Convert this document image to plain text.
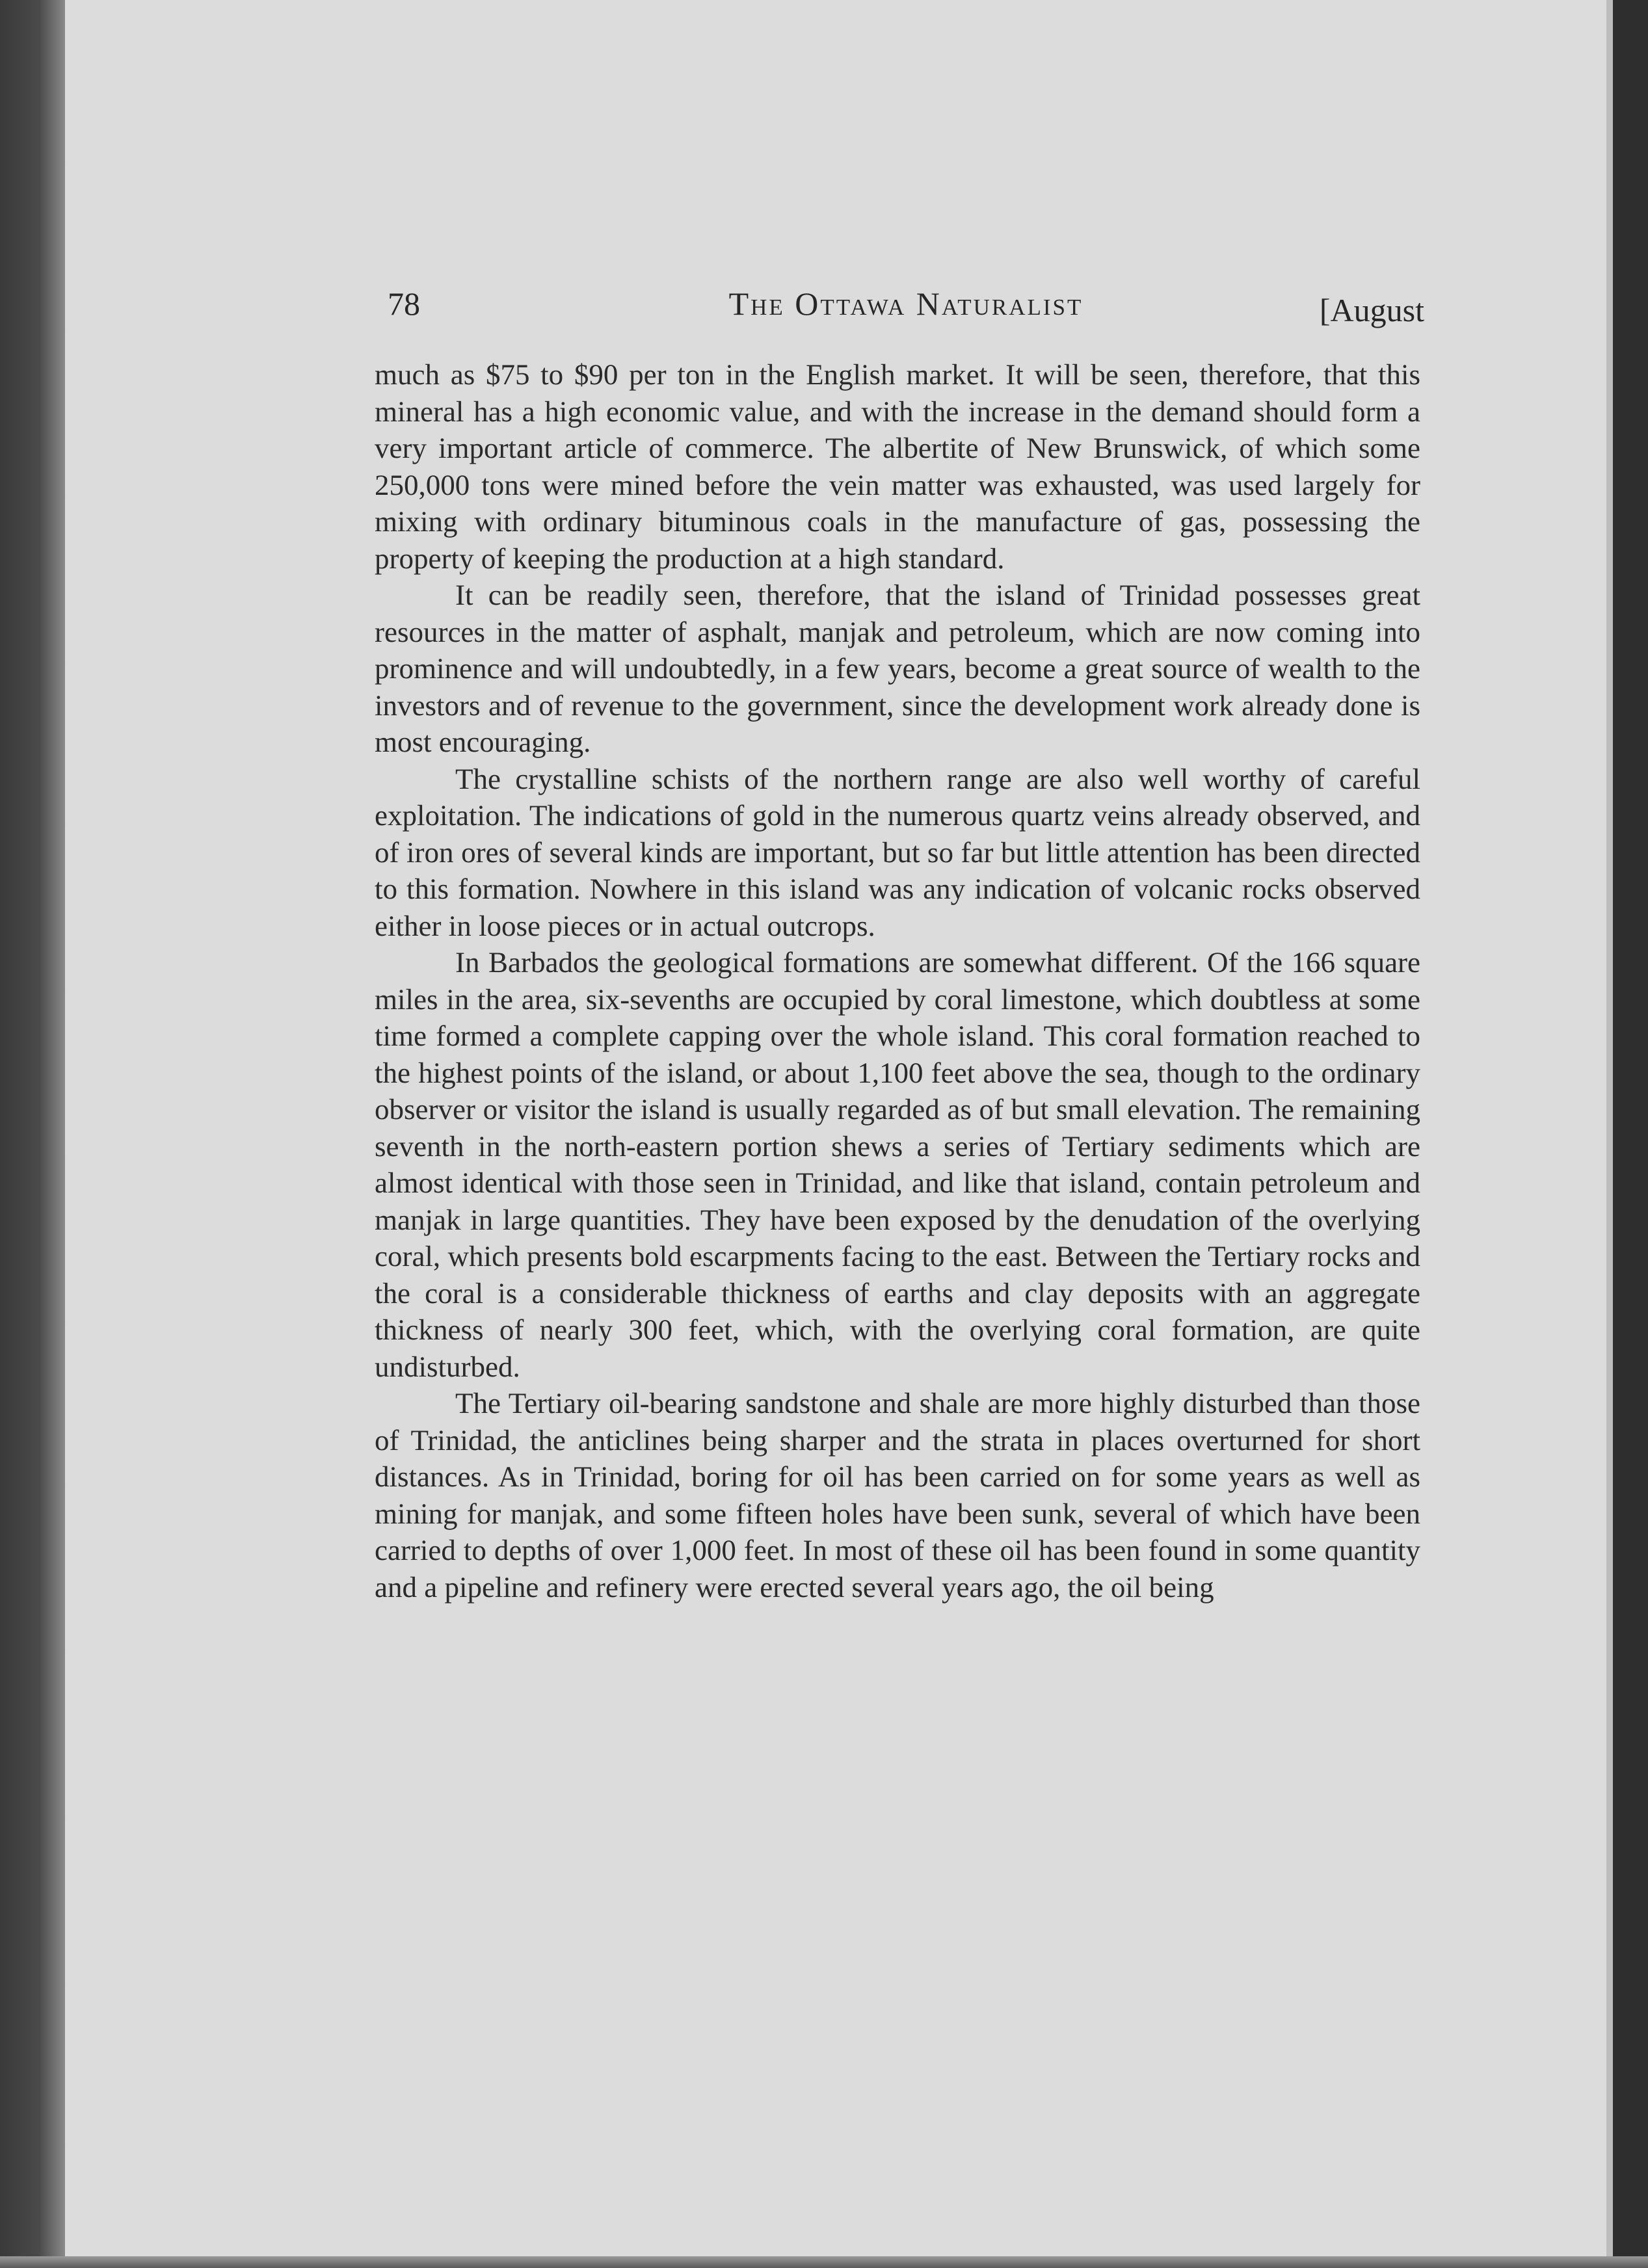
78	The Ottawa Naturalist	[August

much as $75 to $90 per ton in the English market. It will be seen, therefore, that this mineral has a high economic value, and with the increase in the demand should form a very important article of commerce. The albertite of New Brunswick, of which some 250,000 tons were mined before the vein matter was exhausted, was used largely for mixing with ordinary bituminous coals in the manufacture of gas, possessing the property of keeping the production at a high standard.

It can be readily seen, therefore, that the island of Trinidad possesses great resources in the matter of asphalt, manjak and petroleum, which are now coming into prominence and will undoubtedly, in a few years, become a great source of wealth to the investors and of revenue to the government, since the development work already done is most encouraging.

The crystalline schists of the northern range are also well worthy of careful exploitation. The indications of gold in the numerous quartz veins already observed, and of iron ores of several kinds are important, but so far but little attention has been directed to this formation. Nowhere in this island was any indication of volcanic rocks observed either in loose pieces or in actual outcrops.

In Barbados the geological formations are somewhat different. Of the 166 square miles in the area, six-sevenths are occupied by coral limestone, which doubtless at some time formed a complete capping over the whole island. This coral formation reached to the highest points of the island, or about 1,100 feet above the sea, though to the ordinary observer or visitor the island is usually regarded as of but small elevation. The remaining seventh in the north-eastern portion shews a series of Tertiary sediments which are almost identical with those seen in Trinidad, and like that island, contain petroleum and manjak in large quantities. They have been exposed by the denudation of the overlying coral, which presents bold escarpments facing to the east. Between the Tertiary rocks and the coral is a considerable thickness of earths and clay deposits with an aggregate thickness of nearly 300 feet, which, with the overlying coral formation, are quite undisturbed.

The Tertiary oil-bearing sandstone and shale are more highly disturbed than those of Trinidad, the anticlines being sharper and the strata in places overturned for short distances. As in Trinidad, boring for oil has been carried on for some years as well as mining for manjak, and some fifteen holes have been sunk, several of which have been carried to depths of over 1,000 feet. In most of these oil has been found in some quantity and a pipeline and refinery were erected several years ago, the oil being
